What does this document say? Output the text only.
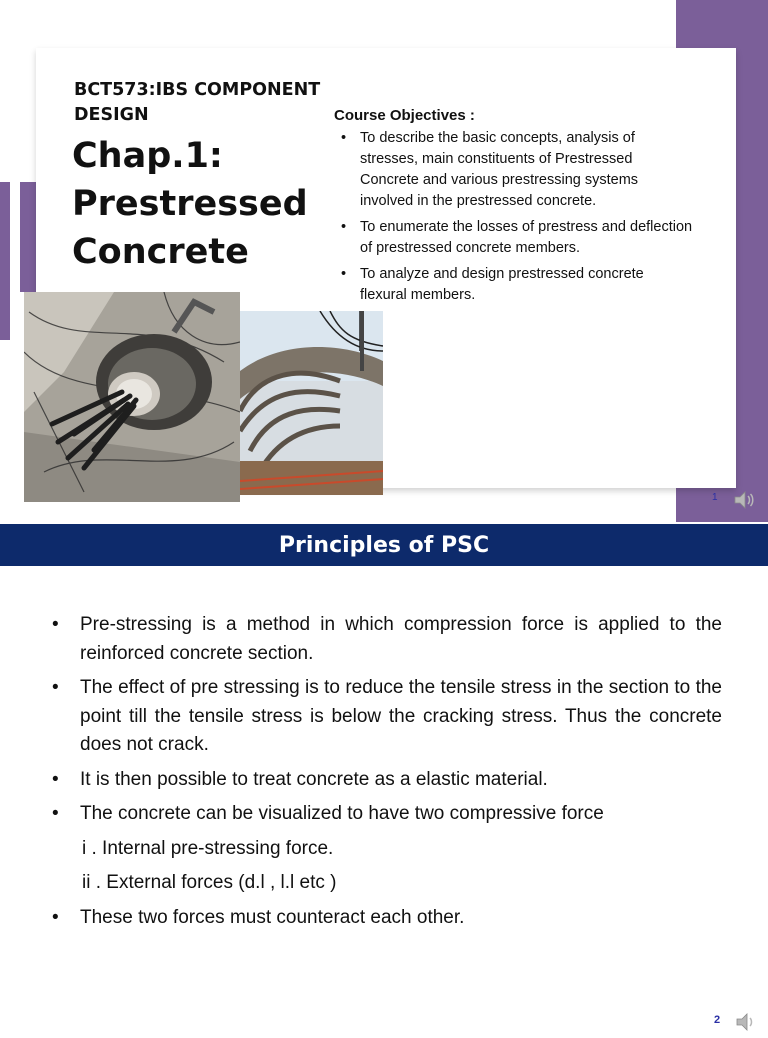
BCT573:IBS COMPONENT DESIGN
Chap.1: Prestressed Concrete
Course Objectives :
• To describe the basic concepts, analysis of stresses, main constituents of Prestressed Concrete and various prestressing systems involved in the prestressed concrete.
• To enumerate the losses of prestress and deflection of prestressed concrete members.
• To analyze and design prestressed concrete flexural members.
1
Principles of PSC
• Pre-stressing is a method in which compression force is applied to the reinforced concrete section.
• The effect of pre stressing is to reduce the tensile stress in the section to the point till the tensile stress is below the cracking stress. Thus the concrete does not crack.
• It is then possible to treat concrete as a elastic material.
• The concrete can be visualized to have two compressive force
i . Internal pre-stressing force.
ii . External forces (d.l , l.l etc )
• These two forces must counteract each other.
2
